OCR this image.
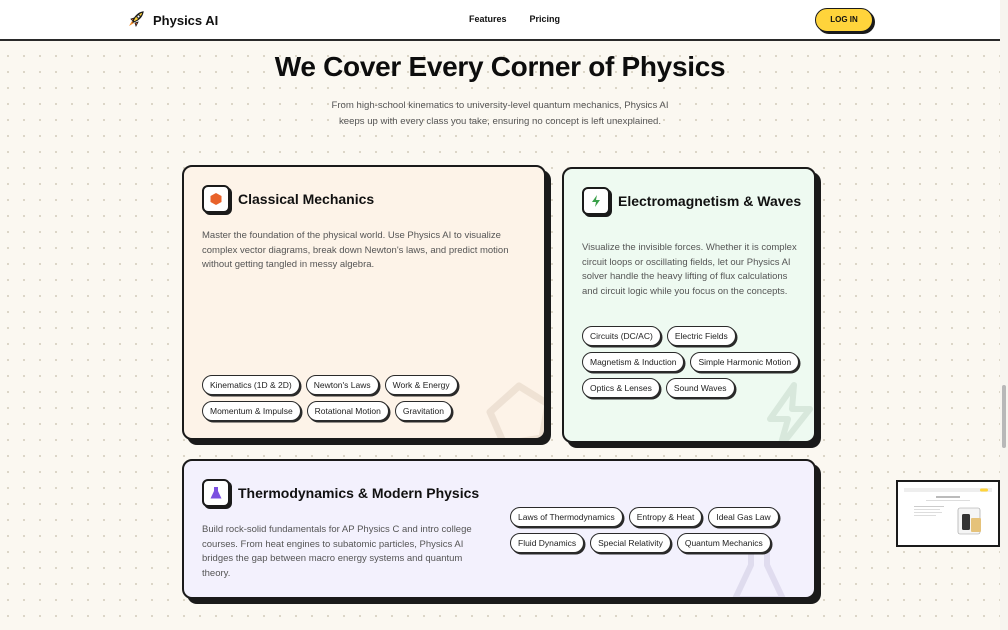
Physics AI	Features	Pricing	LOG IN
We Cover Every Corner of Physics
From high-school kinematics to university-level quantum mechanics, Physics AI
keeps up with every class you take, ensuring no concept is left unexplained.
Classical Mechanics
Master the foundation of the physical world. Use Physics AI to visualize complex vector diagrams, break down Newton's laws, and predict motion without getting tangled in messy algebra.
Kinematics (1D & 2D)	Newton's Laws	Work & Energy
Momentum & Impulse	Rotational Motion	Gravitation
Electromagnetism & Waves
Visualize the invisible forces. Whether it is complex circuit loops or oscillating fields, let our Physics AI solver handle the heavy lifting of flux calculations and circuit logic while you focus on the concepts.
Circuits (DC/AC)	Electric Fields
Magnetism & Induction	Simple Harmonic Motion
Optics & Lenses	Sound Waves
Thermodynamics & Modern Physics
Build rock-solid fundamentals for AP Physics C and intro college courses. From heat engines to subatomic particles, Physics AI bridges the gap between macro energy systems and quantum theory.
Laws of Thermodynamics	Entropy & Heat	Ideal Gas Law
Fluid Dynamics	Special Relativity	Quantum Mechanics
